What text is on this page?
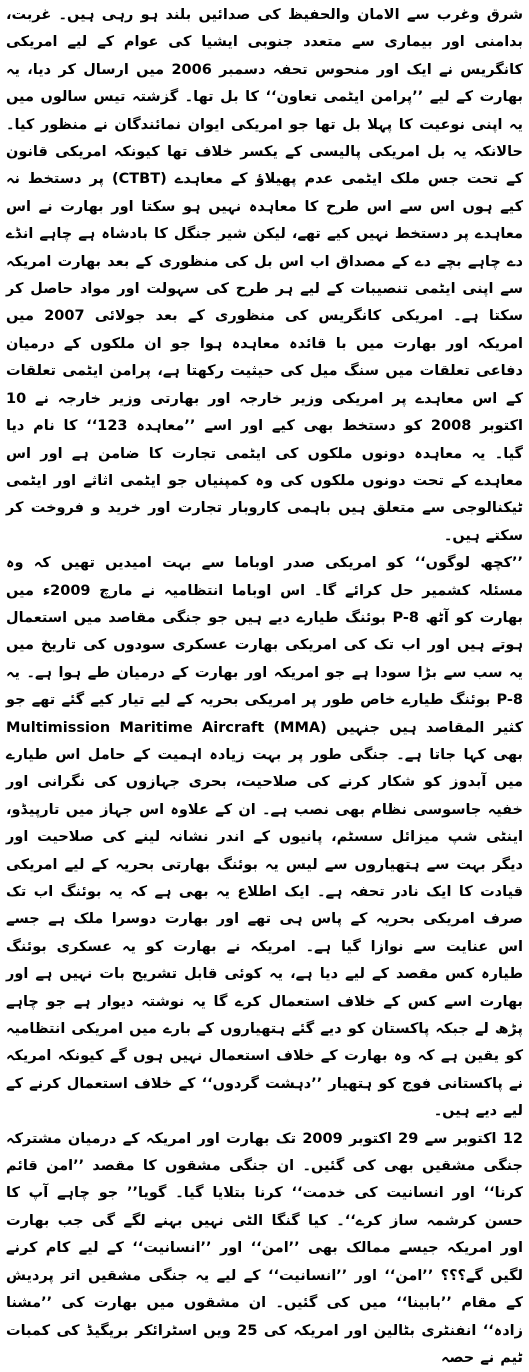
شرق وغرب سے الامان والحفیظ کی صدائیں بلند ہو رہی ہیں۔ غربت، بدامنی اور بیماری سے متعدد جنوبی ایشیا کی عوام کے لیے امریکی کانگریس نے ایک اور منحوس تحفہ دسمبر 2006 میں ارسال کر دیا، یہ بھارت کے لیے ’’پرامن ایٹمی تعاون‘‘ کا بل تھا۔ گزشتہ تیس سالوں میں یہ اپنی نوعیت کا پہلا بل تھا جو امریکی ایوان نمائندگان نے منظور کیا۔ حالانکہ یہ بل امریکی پالیسی کے یکسر خلاف تھا کیونکہ امریکی قانون کے تحت جس ملک ایٹمی عدم پھیلاؤ کے معاہدے (CTBT) پر دستخط نہ کیے ہوں اس سے اس طرح کا معاہدہ نہیں ہو سکتا اور بھارت نے اس معاہدے پر دستخط نہیں کیے تھے، لیکن شیر جنگل کا بادشاہ ہے چاہے انڈے دے چاہے بچے دے کے مصداق اب اس بل کی منظوری کے بعد بھارت امریکہ سے اپنی ایٹمی تنصیبات کے لیے ہر طرح کی سہولت اور مواد حاصل کر سکتا ہے۔ امریکی کانگریس کی منظوری کے بعد جولائی 2007 میں امریکہ اور بھارت میں با قائدہ معاہدہ ہوا جو ان ملکوں کے درمیان دفاعی تعلقات میں سنگ میل کی حیثیت رکھتا ہے، پرامن ایٹمی تعلقات کے اس معاہدے پر امریکی وزیر خارجہ اور بھارتی وزیر خارجہ نے 10 اکتوبر 2008 کو دستخط بھی کیے اور اسے ’’معاہدہ 123‘‘ کا نام دیا گیا۔ یہ معاہدہ دونوں ملکوں کی ایٹمی تجارت کا ضامن ہے اور اس معاہدے کے تحت دونوں ملکوں کی وہ کمپنیاں جو ایٹمی اثاثے اور ایٹمی ٹیکنالوجی سے متعلق ہیں باہمی کاروبار تجارت اور خرید و فروخت کر سکتے ہیں۔

’’کچھ لوگوں‘‘ کو امریکی صدر اوباما سے بہت امیدیں تھیں کہ وہ مسئلہ کشمیر حل کرائے گا۔ اس اوباما انتظامیہ نے مارچ 2009ء میں بھارت کو آٹھ P-8 بوئنگ طیارے دیے ہیں جو جنگی مقاصد میں استعمال ہوتے ہیں اور اب تک کی امریکی بھارت عسکری سودوں کی تاریخ میں یہ سب سے بڑا سودا ہے جو امریکہ اور بھارت کے درمیان طے ہوا ہے۔ یہ P-8 بوئنگ طیارے خاص طور پر امریکی بحریہ کے لیے تیار کیے گئے تھے جو کثیر المقاصد ہیں جنہیں Multimission Maritime Aircraft (MMA) بھی کہا جاتا ہے۔ جنگی طور پر بہت زیادہ اہمیت کے حامل اس طیارے میں آبدوز کو شکار کرنے کی صلاحیت، بحری جہازوں کی نگرانی اور خفیہ جاسوسی نظام بھی نصب ہے۔ ان کے علاوہ اس جہاز میں تارپیڈو، اینٹی شپ میزائل سسٹم، پانیوں کے اندر نشانہ لینے کی صلاحیت اور دیگر بہت سے ہتھیاروں سے لیس یہ بوئنگ بھارتی بحریہ کے لیے امریکی قیادت کا ایک نادر تحفہ ہے۔ ایک اطلاع یہ بھی ہے کہ یہ بوئنگ اب تک صرف امریکی بحریہ کے پاس ہی تھے اور بھارت دوسرا ملک ہے جسے اس عنایت سے نوازا گیا ہے۔ امریکہ نے بھارت کو یہ عسکری بوئنگ طیارہ کس مقصد کے لیے دیا ہے، یہ کوئی قابل تشریح بات نہیں ہے اور بھارت اسے کس کے خلاف استعمال کرے گا یہ نوشتہ دیوار ہے جو چاہے پڑھ لے جبکہ پاکستان کو دیے گئے ہتھیاروں کے بارے میں امریکی انتظامیہ کو یقین ہے کہ وہ بھارت کے خلاف استعمال نہیں ہوں گے کیونکہ امریکہ نے پاکستانی فوج کو ہتھیار ’’دہشت گردوں‘‘ کے خلاف استعمال کرنے کے لیے دیے ہیں۔

12 اکتوبر سے 29 اکتوبر 2009 تک بھارت اور امریکہ کے درمیان مشترکہ جنگی مشقیں بھی کی گئیں۔ ان جنگی مشقوں کا مقصد ’’امن قائم کرنا‘‘ اور انسانیت کی خدمت‘‘ کرنا بتلایا گیا۔ گویا’’ جو چاہے آپ کا حسن کرشمہ ساز کرے‘‘۔ کیا گنگا الٹی نہیں بہنے لگے گی جب بھارت اور امریکہ جیسے ممالک بھی ’’امن‘‘ اور ’’انسانیت‘‘ کے لیے کام کرنے لگیں گے؟؟؟ ’’امن‘‘ اور ’’انسانیت‘‘ کے لیے یہ جنگی مشقیں اتر پردیش کے مقام ’’بابینا‘‘ میں کی گئیں۔ ان مشقوں میں بھارت کی ’’مشنا زادہ‘‘ انفنٹری بٹالین اور امریکہ کی 25 ویں اسٹرائکر بریگیڈ کی کمبات ٹیم نے حصہ
